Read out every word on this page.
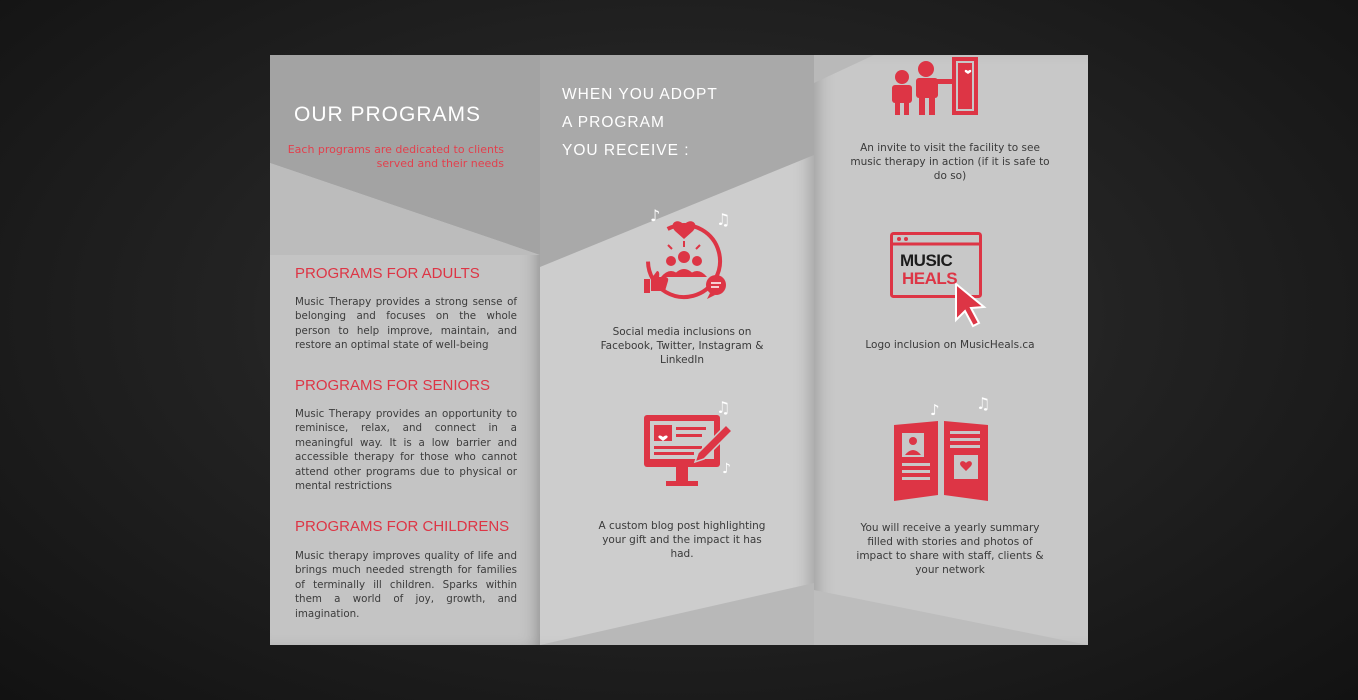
OUR PROGRAMS
Each programs are dedicated to clients served and their needs
PROGRAMS FOR ADULTS
Music Therapy provides a strong sense of belonging and focuses on the whole person to help improve, maintain, and restore an optimal state of well-being
PROGRAMS FOR SENIORS
Music Therapy provides an opportunity to reminisce, relax, and connect in a meaningful way. It is a low barrier and accessible therapy for those who cannot attend other programs due to physical or mental restrictions
PROGRAMS FOR CHILDRENS
Music therapy improves quality of life and brings much needed strength for families of terminally ill children. Sparks within them a world of joy, growth, and imagination.
WHEN YOU ADOPT
A PROGRAM
YOU RECEIVE :
♪	♫
Social media inclusions on Facebook, Twitter, Instagram & LinkedIn
♫
♪
A custom blog post highlighting your gift and the impact it has had.
An invite to visit the facility to see music therapy in action (if it is safe to do so)
MUSIC
HEALS
Logo inclusion on MusicHeals.ca
♪ ♫
You will receive a yearly summary filled with stories and photos of impact to share with staff, clients & your network
